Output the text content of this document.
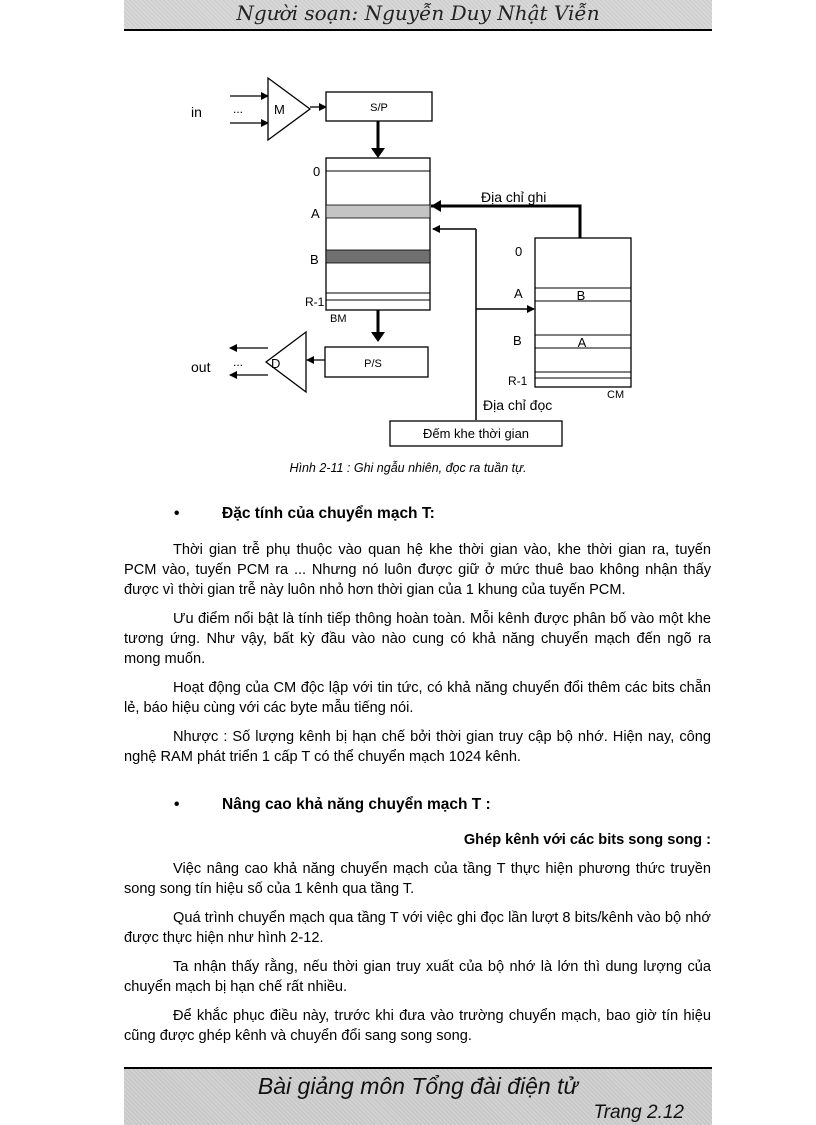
Người soạn: Nguyễn Duy Nhật Viễn
in	... M	S/P
0
A
B
R-1
BM
P/S
D
...
out
Địa chỉ ghi
Địa chỉ đọc
0
A
B
R-1
B
A
CM
Đếm khe thời gian
Hình 2-11 : Ghi ngẫu nhiên, đọc ra tuần tự.
•	Đặc tính của chuyển mạch T:

Thời gian trễ phụ thuộc vào quan hệ khe thời gian vào, khe thời gian ra, tuyến PCM vào, tuyến PCM ra ... Nhưng nó luôn được giữ ở mức thuê bao không nhận thấy được vì thời gian trễ này luôn nhỏ hơn thời gian của 1 khung của tuyến PCM.

Ưu điểm nổi bật là tính tiếp thông hoàn toàn. Mỗi kênh được phân bố vào một khe tương ứng. Như vậy, bất kỳ đầu vào nào cung có khả năng chuyển mạch đến ngõ ra mong muốn.

Hoạt động của CM độc lập với tin tức, có khả năng chuyển đổi thêm các bits chẵn lẻ, báo hiệu cùng với các byte mẫu tiếng nói.

Nhược : Số lượng kênh bị hạn chế bởi thời gian truy cập bộ nhớ. Hiện nay, công nghệ RAM phát triển 1 cấp T có thể chuyển mạch 1024 kênh.

•	Nâng cao khả năng chuyển mạch T :

Ghép kênh với các bits song song :

Việc nâng cao khả năng chuyển mạch của tầng T thực hiện phương thức truyền song song tín hiệu số của 1 kênh qua tầng T.

Quá trình chuyển mạch qua tầng T với việc ghi đọc lần lượt 8 bits/kênh vào bộ nhớ được thực hiện như hình 2-12.

Ta nhận thấy rằng, nếu thời gian truy xuất của bộ nhớ là lớn thì dung lượng của chuyển mạch bị hạn chế rất nhiều.

Để khắc phục điều này, trước khi đưa vào trường chuyển mạch, bao giờ tín hiệu cũng được ghép kênh và chuyển đổi sang song song.

Bài giảng môn Tổng đài điện tử
Trang 2.12
